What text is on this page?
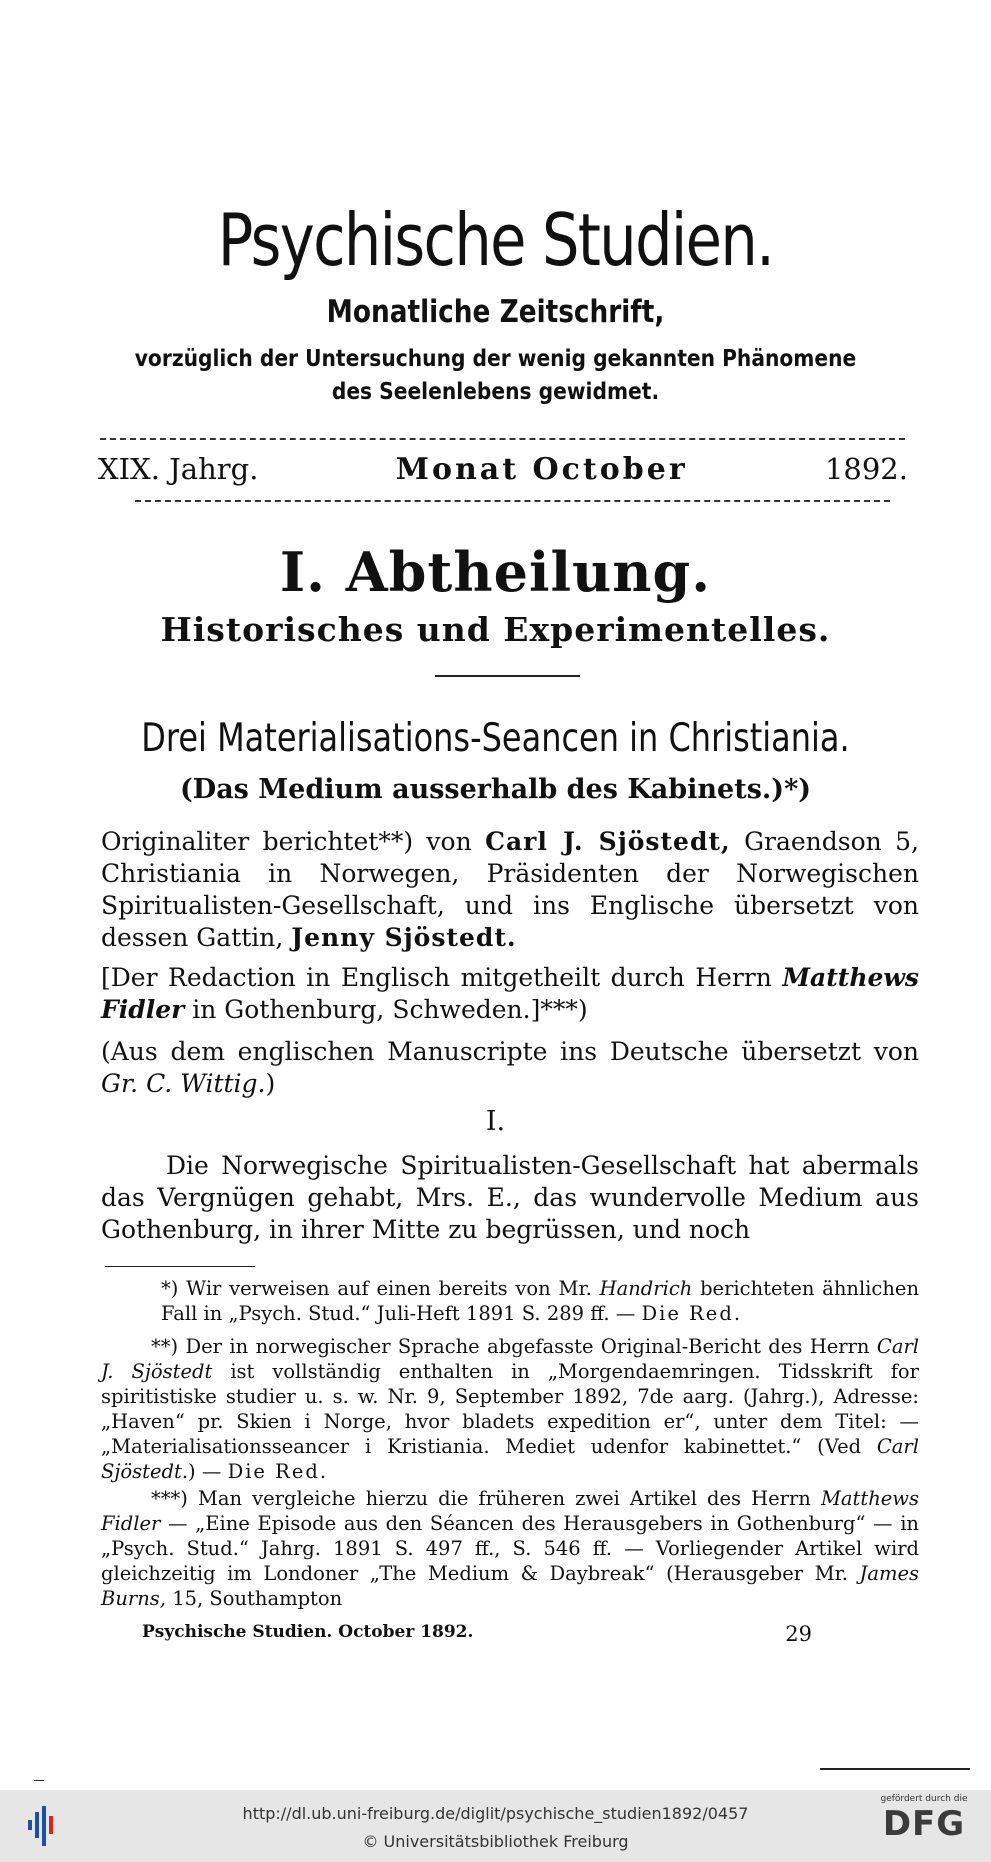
Psychische Studien.
Monatliche Zeitschrift,
vorzüglich der Untersuchung der wenig gekannten Phänomene
des Seelenlebens gewidmet.
XIX. Jahrg.	Monat October	1892.
I. Abtheilung.
Historisches und Experimentelles.
Drei Materialisations-Seancen in Christiania.
(Das Medium ausserhalb des Kabinets.)*)
Originaliter berichtet**) von Carl J. Sjöstedt, Graendson 5, Christiania in Norwegen, Präsidenten der Norwegischen Spiritualisten-Gesellschaft, und ins Englische übersetzt von dessen Gattin, Jenny Sjöstedt.
[Der Redaction in Englisch mitgetheilt durch Herrn Matthews Fidler in Gothenburg, Schweden.]***)
(Aus dem englischen Manuscripte ins Deutsche übersetzt von Gr. C. Wittig.)
I.
Die Norwegische Spiritualisten-Gesellschaft hat abermals das Vergnügen gehabt, Mrs. E., das wundervolle Medium aus Gothenburg, in ihrer Mitte zu begrüssen, und noch
*) Wir verweisen auf einen bereits von Mr. Handrich berichteten ähnlichen Fall in „Psych. Stud.“ Juli-Heft 1891 S. 289 ff. — Die Red.
**) Der in norwegischer Sprache abgefasste Original-Bericht des Herrn Carl J. Sjöstedt ist vollständig enthalten in „Morgendaemringen. Tidsskrift for spiritistiske studier u. s. w. Nr. 9, September 1892, 7de aarg. (Jahrg.), Adresse: „Haven“ pr. Skien i Norge, hvor bladets expedition er“, unter dem Titel: — „Materialisationsseancer i Kristiania. Mediet udenfor kabinettet.“ (Ved Carl Sjöstedt.) — Die Red.
***) Man vergleiche hierzu die früheren zwei Artikel des Herrn Matthews Fidler — „Eine Episode aus den Séancen des Herausgebers in Gothenburg“ — in „Psych. Stud.“ Jahrg. 1891 S. 497 ff., S. 546 ff. — Vorliegender Artikel wird gleichzeitig im Londoner „The Medium & Daybreak“ (Herausgeber Mr. James Burns, 15, Southampton
Psychische Studien. October 1892.	29
http://dl.ub.uni-freiburg.de/diglit/psychische_studien1892/0457
© Universitätsbibliothek Freiburg
gefördert durch die
DFG
